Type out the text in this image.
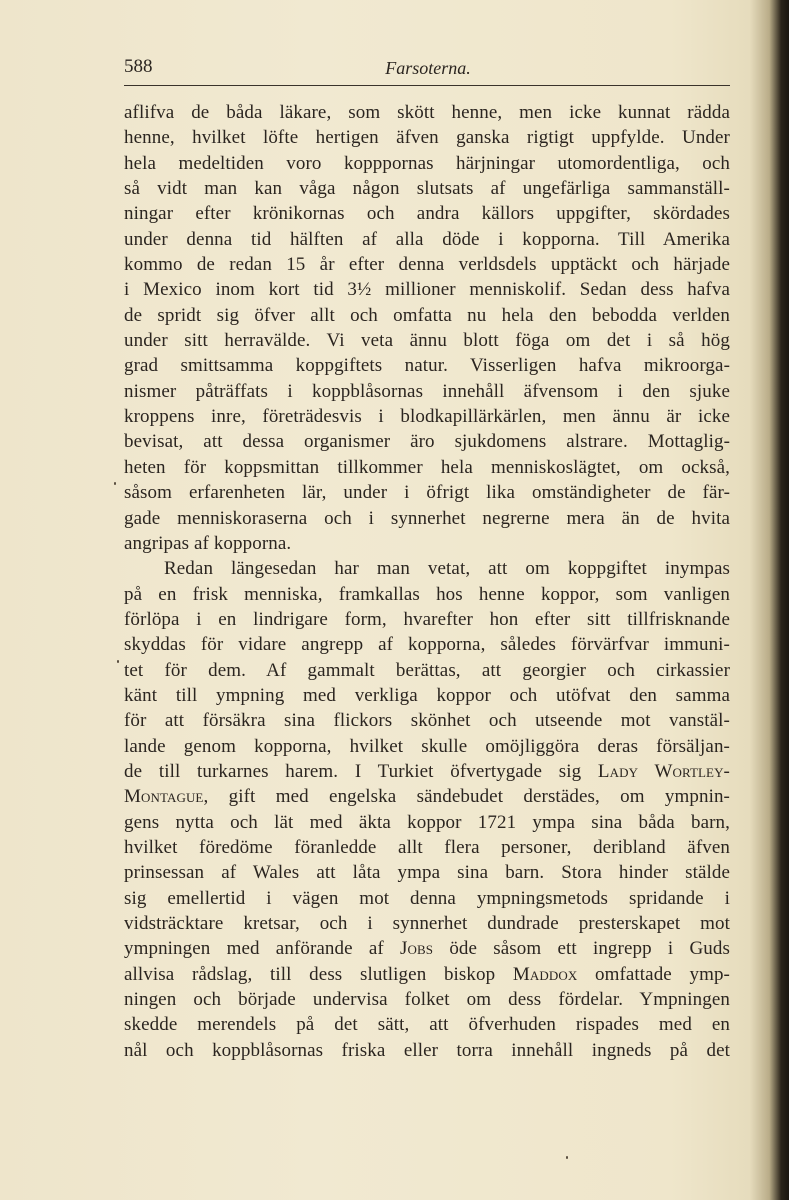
588	Farsoterna.
aflifva de båda läkare, som skött henne, men icke kunnat rädda
henne, hvilket löfte hertigen äfven ganska rigtigt uppfylde. Under
hela medeltiden voro kopppornas härjningar utomordentliga, och
så vidt man kan våga någon slutsats af ungefärliga sammanställ-
ningar efter krönikornas och andra källors uppgifter, skördades
under denna tid hälften af alla döde i kopporna. Till Amerika
kommo de redan 15 år efter denna verldsdels upptäckt och härjade
i Mexico inom kort tid 3½ millioner menniskolif. Sedan dess hafva
de spridt sig öfver allt och omfatta nu hela den bebodda verlden
under sitt herravälde. Vi veta ännu blott föga om det i så hög
grad smittsamma koppgiftets natur. Visserligen hafva mikroorga-
nismer påträffats i koppblåsornas innehåll äfvensom i den sjuke
kroppens inre, företrädesvis i blodkapillärkärlen, men ännu är icke
bevisat, att dessa organismer äro sjukdomens alstrare. Mottaglig-
heten för koppsmittan tillkommer hela menniskoslägtet, om också,
såsom erfarenheten lär, under i öfrigt lika omständigheter de fär-
gade menniskoraserna och i synnerhet negrerne mera än de hvita
angripas af kopporna.
Redan längesedan har man vetat, att om koppgiftet inympas
på en frisk menniska, framkallas hos henne koppor, som vanligen
förlöpa i en lindrigare form, hvarefter hon efter sitt tillfrisknande
skyddas för vidare angrepp af kopporna, således förvärfvar immuni-
tet för dem. Af gammalt berättas, att georgier och cirkassier
känt till ympning med verkliga koppor och utöfvat den samma
för att försäkra sina flickors skönhet och utseende mot vanstäl-
lande genom kopporna, hvilket skulle omöjliggöra deras försäljan-
de till turkarnes harem. I Turkiet öfvertygade sig Lady Wortley-
Montague, gift med engelska sändebudet derstädes, om ympnin-
gens nytta och lät med äkta koppor 1721 ympa sina båda barn,
hvilket föredöme föranledde allt flera personer, deribland äfven
prinsessan af Wales att låta ympa sina barn. Stora hinder stälde
sig emellertid i vägen mot denna ympningsmetods spridande i
vidsträcktare kretsar, och i synnerhet dundrade presterskapet mot
ympningen med anförande af Jobs öde såsom ett ingrepp i Guds
allvisa rådslag, till dess slutligen biskop Maddox omfattade ymp-
ningen och började undervisa folket om dess fördelar. Ympningen
skedde merendels på det sätt, att öfverhuden rispades med en
nål och koppblåsornas friska eller torra innehåll ingneds på det
